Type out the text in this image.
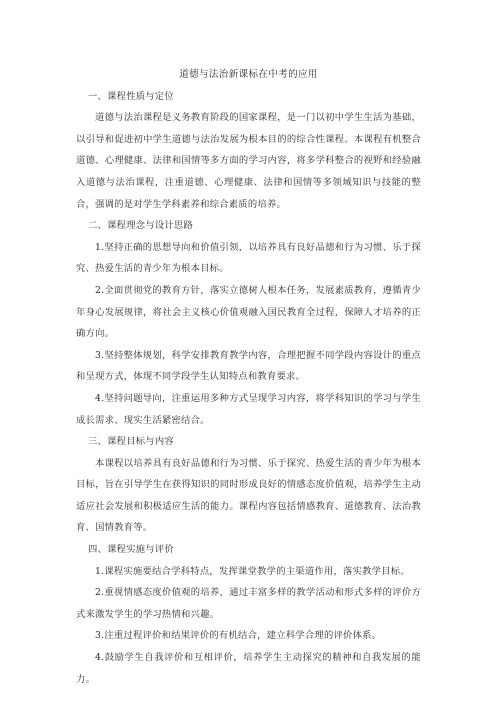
道德与法治新课标在中考的应用

一、课程性质与定位

道德与法治课程是义务教育阶段的国家课程，是一门以初中学生生活为基础，以引导和促进初中学生道德与法治发展为根本目的的综合性课程。本课程有机整合道德、心理健康、法律和国情等多方面的学习内容，将多学科整合的视野和经验融入道德与法治课程，注重道德、心理健康、法律和国情等多领域知识与技能的整合，强调的是对学生学科素养和综合素质的培养。

二、课程理念与设计思路

1.坚持正确的思想导向和价值引领，以培养具有良好品德和行为习惯、乐于探究、热爱生活的青少年为根本目标。

2.全面贯彻党的教育方针，落实立德树人根本任务，发展素质教育，遵循青少年身心发展规律，将社会主义核心价值观融入国民教育全过程，保障人才培养的正确方向。

3.坚持整体规划，科学安排教育教学内容，合理把握不同学段内容设计的重点和呈现方式，体现不同学段学生认知特点和教育要求。

4.坚持问题导向，注重运用多种方式呈现学习内容，将学科知识的学习与学生成长需求、现实生活紧密结合。

三、课程目标与内容

本课程以培养具有良好品德和行为习惯、乐于探究、热爱生活的青少年为根本目标，旨在引导学生在获得知识的同时形成良好的情感态度价值观，培养学生主动适应社会发展和积极适应生活的能力。课程内容包括情感教育、道德教育、法治教育、国情教育等。

四、课程实施与评价

1.课程实施要结合学科特点，发挥课堂教学的主渠道作用，落实教学目标。

2.重视情感态度价值观的培养，通过丰富多样的教学活动和形式多样的评价方式来激发学生的学习热情和兴趣。

3.注重过程评价和结果评价的有机结合，建立科学合理的评价体系。

4.鼓励学生自我评价和互相评价，培养学生主动探究的精神和自我发展的能力。
